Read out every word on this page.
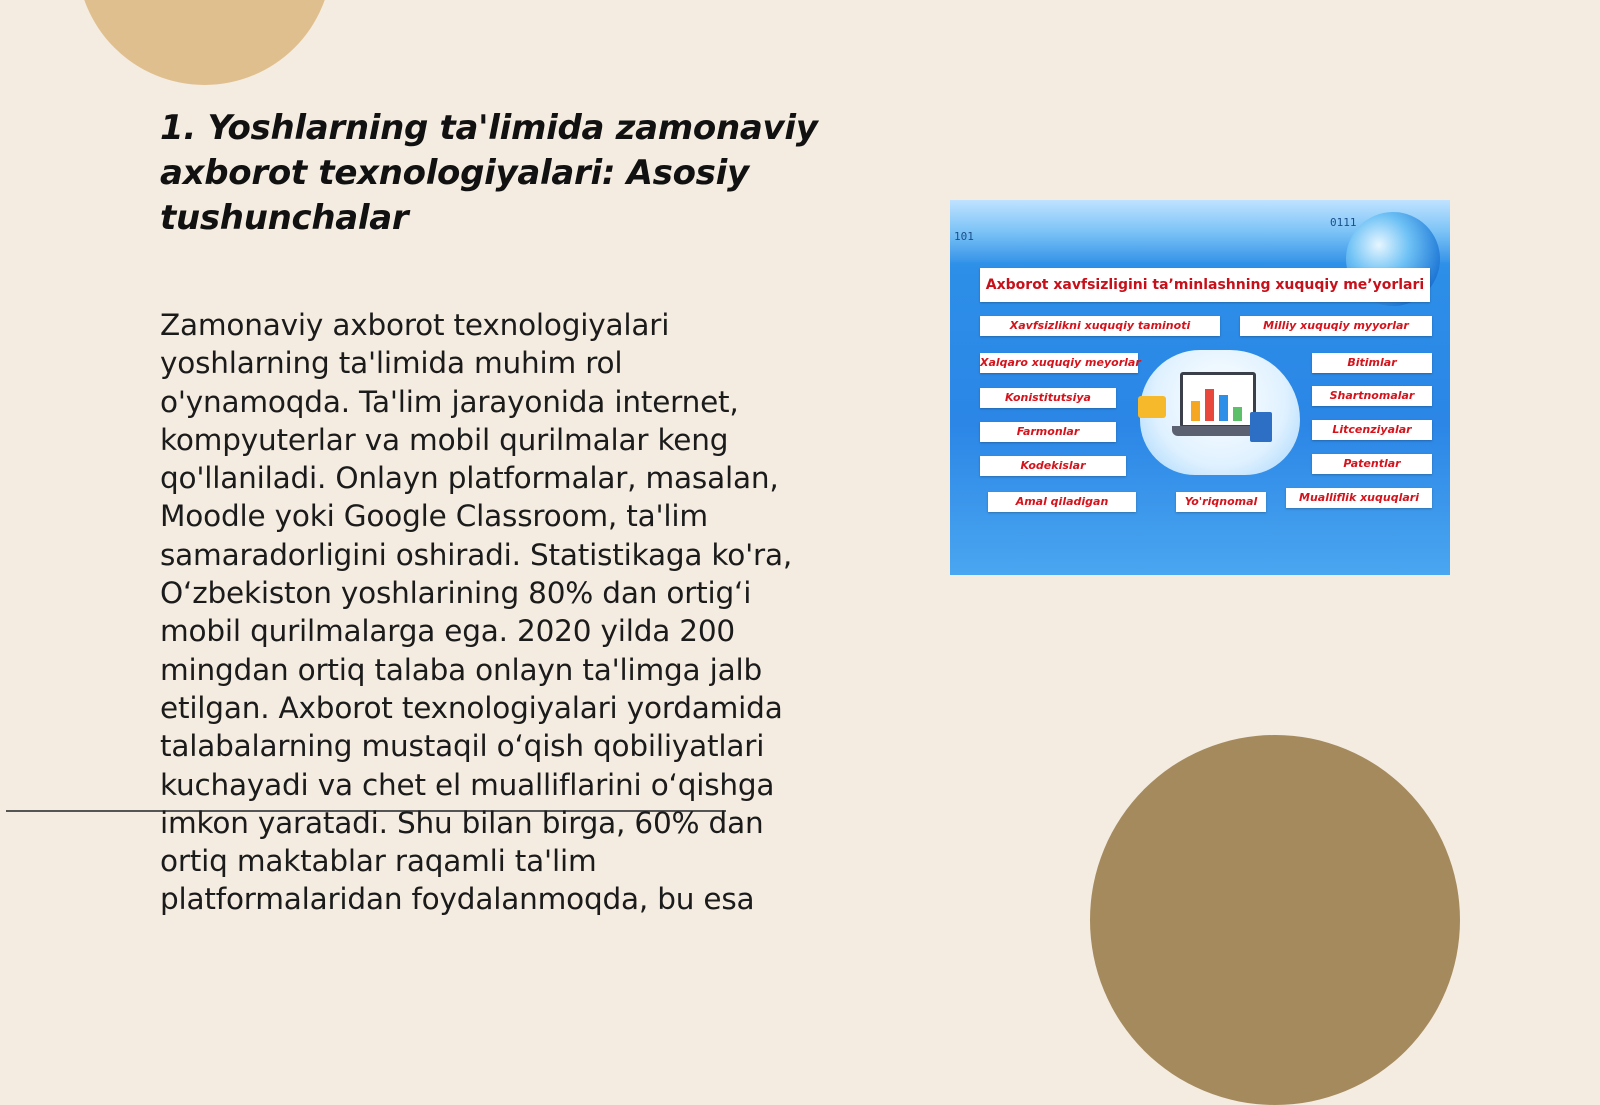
1. Yoshlarning ta'limida zamonaviy axborot texnologiyalari: Asosiy tushunchalar

Zamonaviy axborot texnologiyalari yoshlarning ta'limida muhim rol o'ynamoqda. Ta'lim jarayonida internet, kompyuterlar va mobil qurilmalar keng qo'llaniladi. Onlayn platformalar, masalan, Moodle yoki Google Classroom, ta'lim samaradorligini oshiradi. Statistikaga ko'ra, O‘zbekiston yoshlarining 80% dan ortig‘i mobil qurilmalarga ega. 2020 yilda 200 mingdan ortiq talaba onlayn ta'limga jalb etilgan. Axborot texnologiyalari yordamida talabalarning mustaqil o‘qish qobiliyatlari kuchayadi va chet el mualliflarini o‘qishga imkon yaratadi. Shu bilan birga, 60% dan ortiq maktablar raqamli ta'lim platformalaridan foydalanmoqda, bu esa

0111
101
Axborot xavfsizligini ta’minlashning xuquqiy me’yorlari
Xavfsizlikni xuquqiy taminoti
Xalqaro xuquqiy meyorlar
Konistitutsiya
Farmonlar
Kodekislar
Amal qiladigan
Milliy xuquqiy myyorlar
Bitimlar
Shartnomalar
Litcenziyalar
Patentlar
Mualliflik xuquqlari
Yo'riqnomal
